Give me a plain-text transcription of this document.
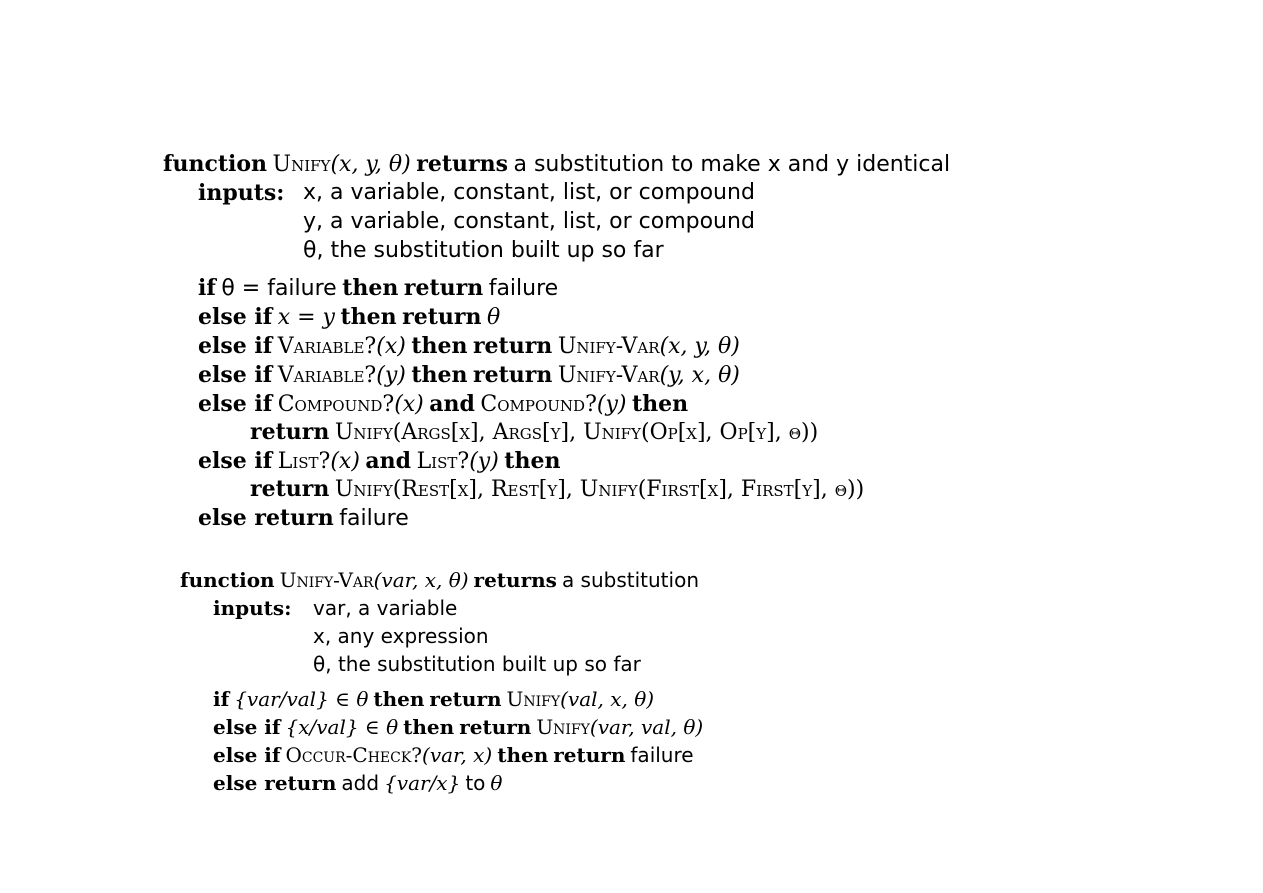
function Unify(x, y, θ) returns a substitution to make x and y identical
inputs: x, a variable, constant, list, or compound
y, a variable, constant, list, or compound
θ, the substitution built up so far
if θ = failure then return failure
else if x = y then return θ
else if Variable?(x) then return Unify-Var(x, y, θ)
else if Variable?(y) then return Unify-Var(y, x, θ)
else if Compound?(x) and Compound?(y) then
return Unify(Args[x], Args[y], Unify(Op[x], Op[y], θ))
else if List?(x) and List?(y) then
return Unify(Rest[x], Rest[y], Unify(First[x], First[y], θ))
else return failure
function Unify-Var(var, x, θ) returns a substitution
inputs: var, a variable
x, any expression
θ, the substitution built up so far
if {var/val} ∈ θ then return Unify(val, x, θ)
else if {x/val} ∈ θ then return Unify(var, val, θ)
else if Occur-Check?(var, x) then return failure
else return add {var/x} to θ
